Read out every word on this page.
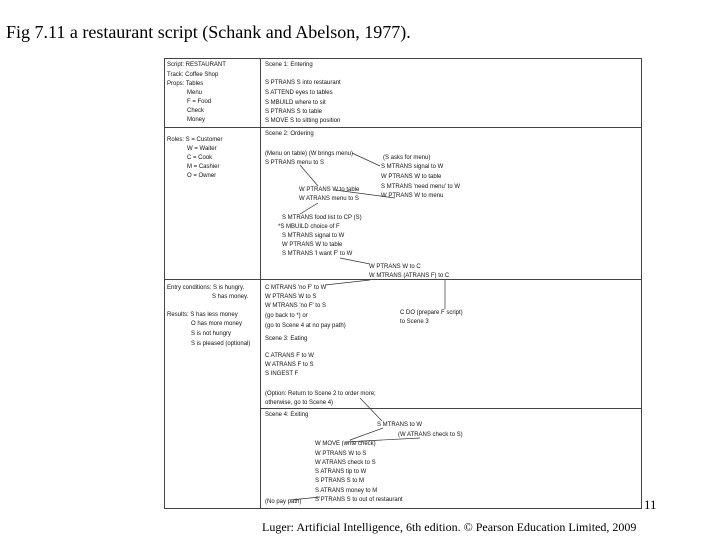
Fig 7.11 a restaurant script (Schank and Abelson, 1977).
Script: RESTAURANT
Track: Coffee Shop
Props: Tables
Menu
F = Food
Check
Money
Roles: S = Customer
W = Waiter
C = Cook
M = Cashier
O = Owner
Entry conditions: S is hungry.
S has money.
Results: S has less money
O has more money
S is not hungry
S is pleased (optional)
Scene 1: Entering
S PTRANS S into restaurant
S ATTEND eyes to tables
S MBUILD where to sit
S PTRANS S to table
S MOVE S to sitting position
Scene 2: Ordering
(Menu on table) (W brings menu)
S PTRANS menu to S
(S asks for menu)
S MTRANS signal to W
W PTRANS W to table
S MTRANS 'need menu' to W
W PTRANS W to menu
W PTRANS W to table
W ATRANS menu to S
S MTRANS food list to CP (S)
*S MBUILD choice of F
S MTRANS signal to W
W PTRANS W to table
S MTRANS 'I want F' to W
W PTRANS W to C
W MTRANS (ATRANS F) to C
C MTRANS 'no F' to W
W PTRANS W to S
W MTRANS 'no F' to S
(go back to *) or
(go to Scene 4 at no pay path)
C DO (prepare F script)
to Scene 3
Scene 3: Eating
C ATRANS F to W
W ATRANS F to S
S INGEST F
(Option: Return to Scene 2 to order more;
otherwise, go to Scene 4)
Scene 4: Exiting
S MTRANS to W
(W ATRANS check to S)
W MOVE (write check)
W PTRANS W to S
W ATRANS check to S
S ATRANS tip to W
S PTRANS S to M
S ATRANS money to M
S PTRANS S to out of restaurant
(No pay path)	11
Luger: Artificial Intelligence, 6th edition. © Pearson Education Limited, 2009
